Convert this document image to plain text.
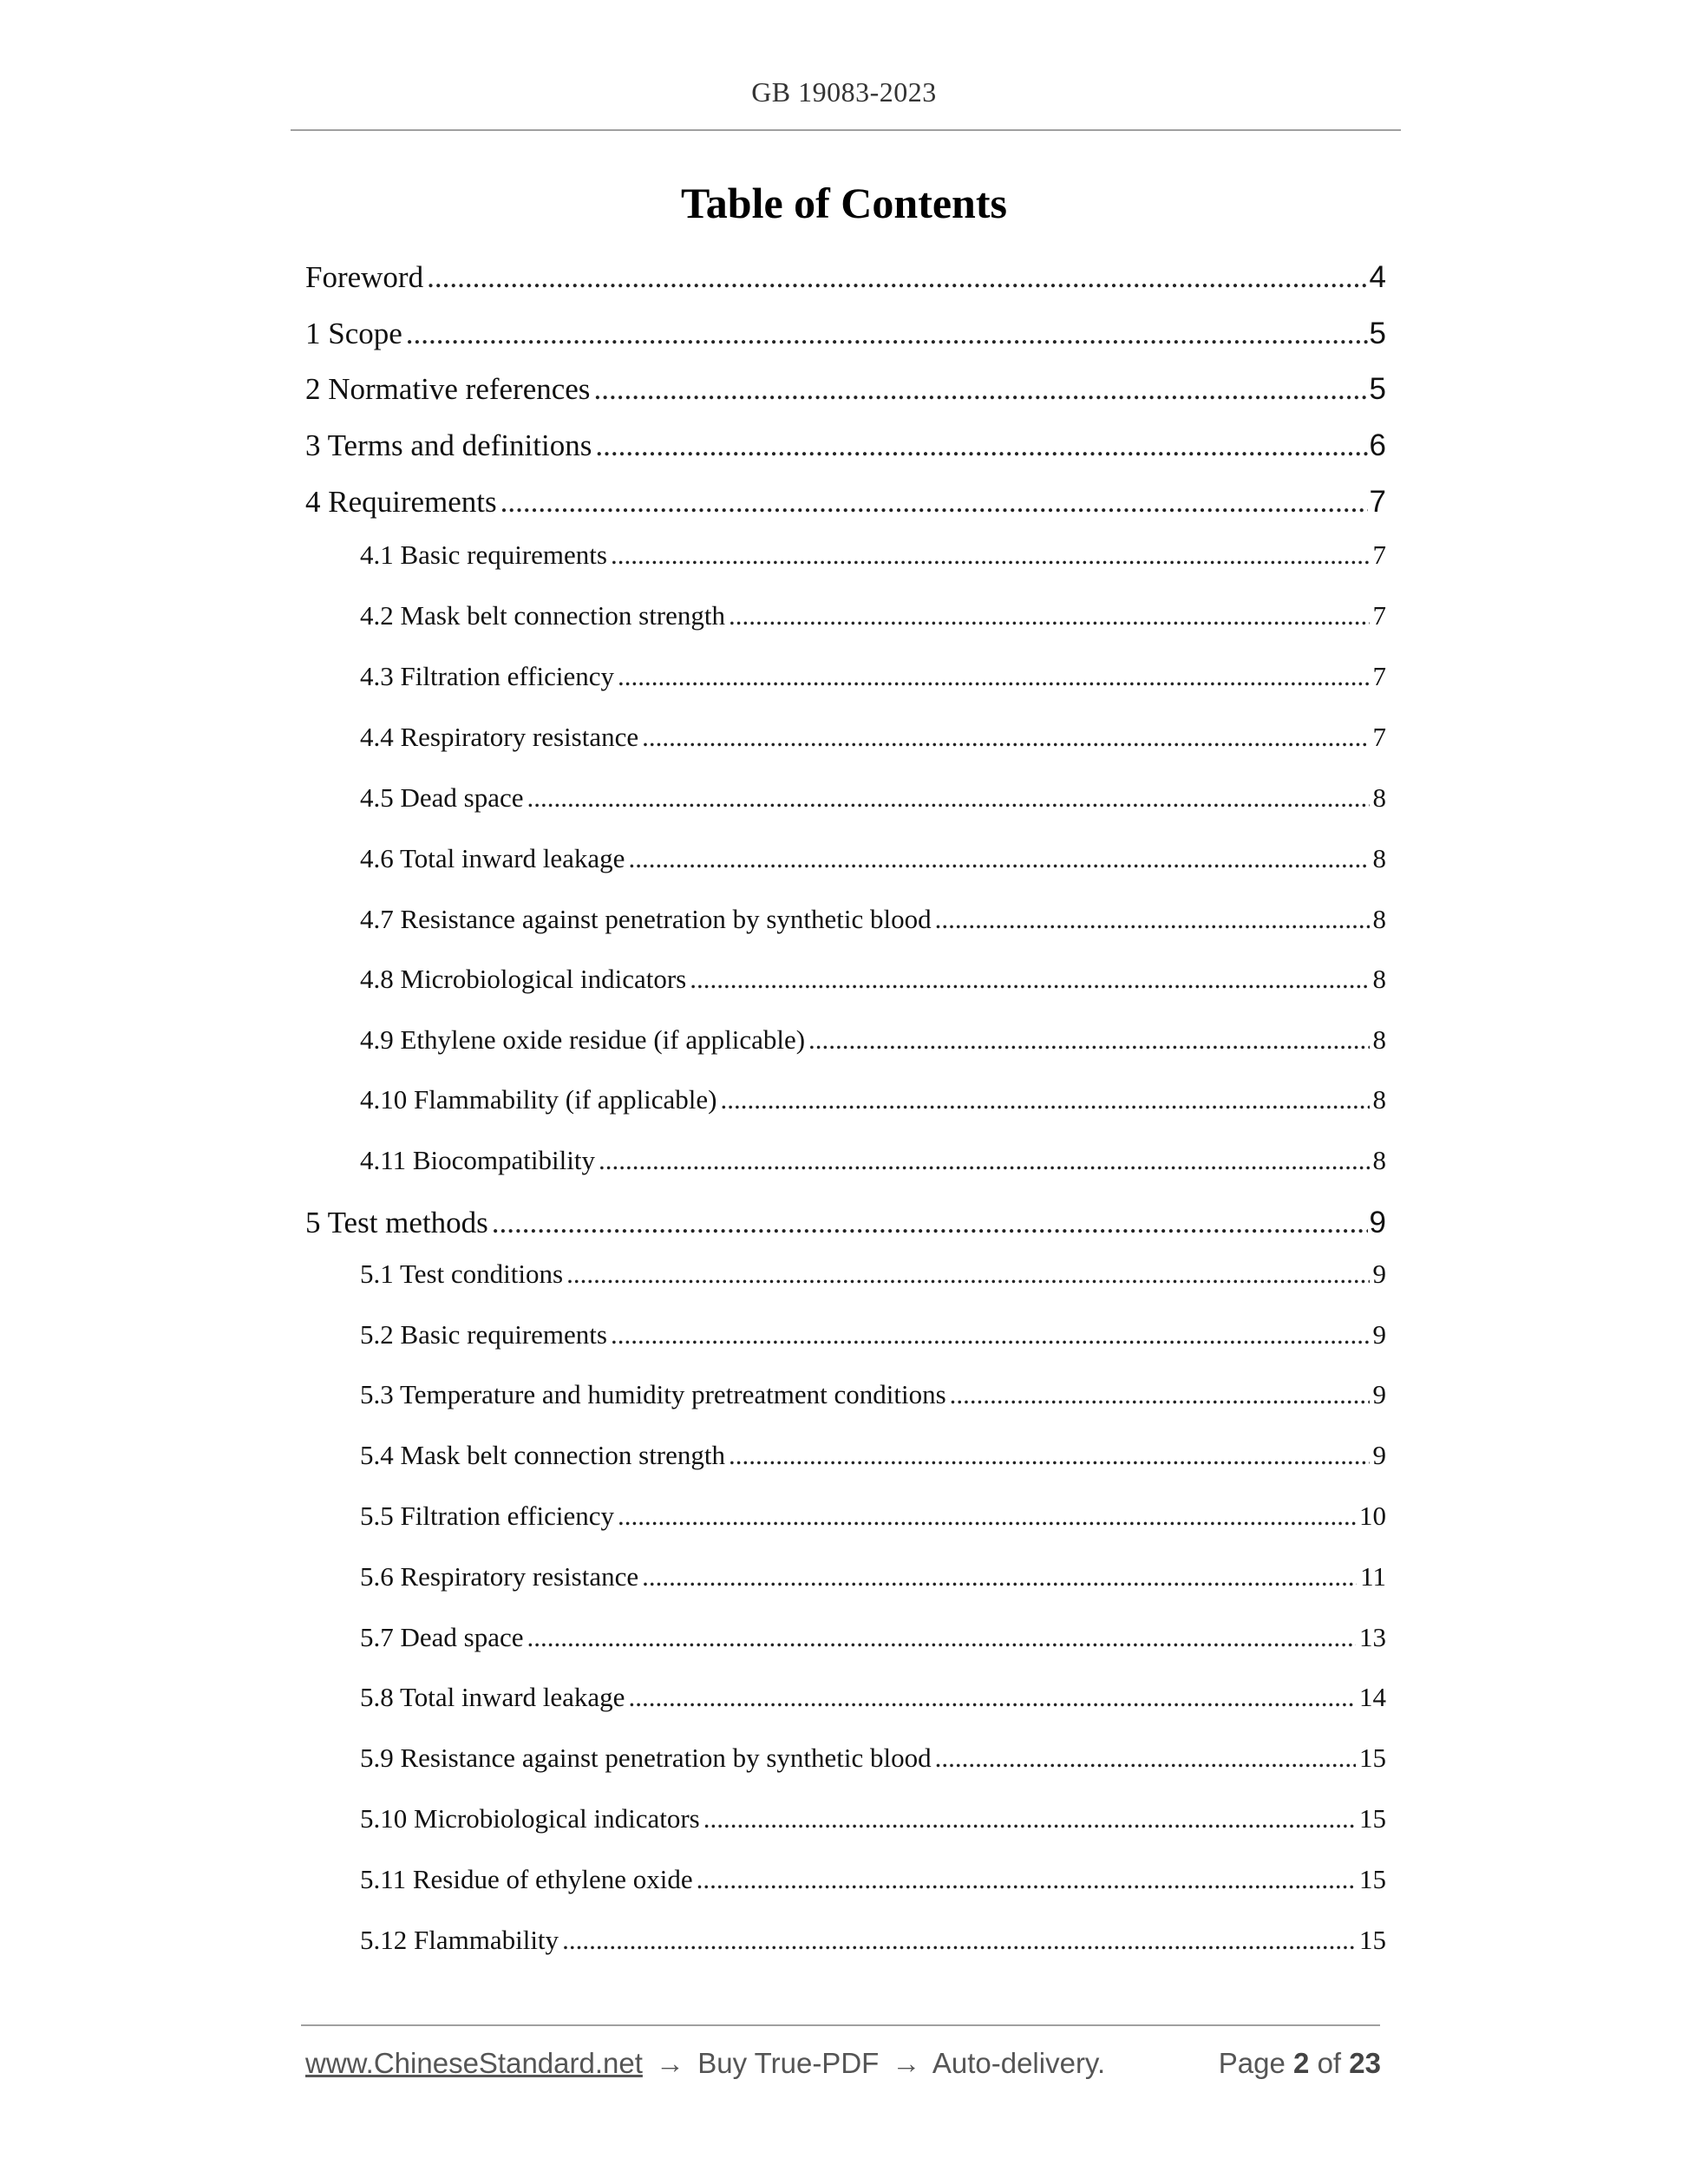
GB 19083-2023
Table of Contents
Foreword .....	4
1 Scope .....	5
2 Normative references .....	5
3 Terms and definitions .....	6
4 Requirements .....	7
4.1 Basic requirements .....	7
4.2 Mask belt connection strength .....	7
4.3 Filtration efficiency .....	7
4.4 Respiratory resistance .....	7
4.5 Dead space .....	8
4.6 Total inward leakage .....	8
4.7 Resistance against penetration by synthetic blood .....	8
4.8 Microbiological indicators .....	8
4.9 Ethylene oxide residue (if applicable) .....	8
4.10 Flammability (if applicable) .....	8
4.11 Biocompatibility .....	8
5 Test methods .....	9
5.1 Test conditions .....	9
5.2 Basic requirements .....	9
5.3 Temperature and humidity pretreatment conditions .....	9
5.4 Mask belt connection strength .....	9
5.5 Filtration efficiency .....	10
5.6 Respiratory resistance .....	11
5.7 Dead space .....	13
5.8 Total inward leakage .....	14
5.9 Resistance against penetration by synthetic blood .....	15
5.10 Microbiological indicators .....	15
5.11 Residue of ethylene oxide .....	15
5.12 Flammability .....	15
www.ChineseStandard.net → Buy True-PDF → Auto-delivery.	Page 2 of 23
